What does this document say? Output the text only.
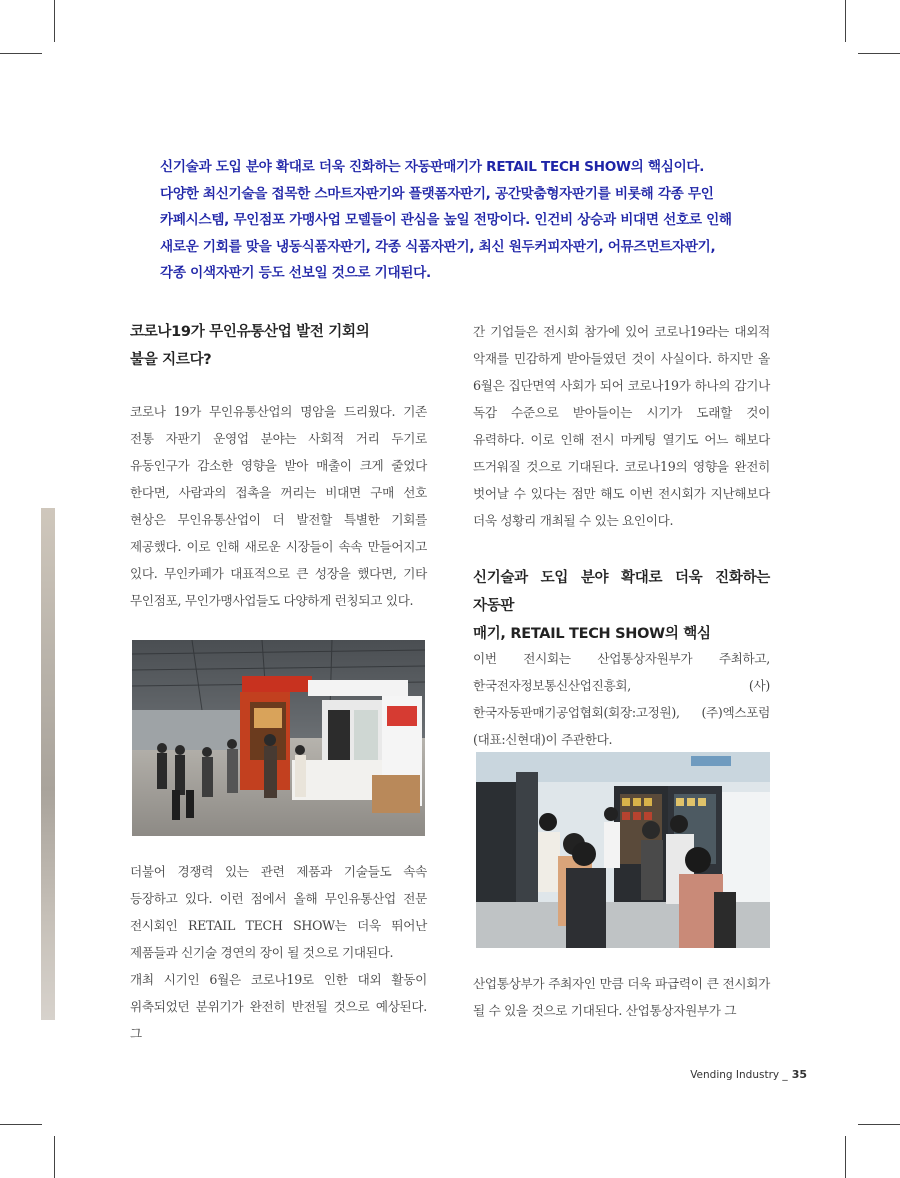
신기술과 도입 분야 확대로 더욱 진화하는 자동판매기가 RETAIL TECH SHOW의 핵심이다.

다양한 최신기술을 접목한 스마트자판기와 플랫폼자판기, 공간맞춤형자판기를 비롯해 각종 무인 카페시스템, 무인점포 가맹사업 모델들이 관심을 높일 전망이다. 인건비 상승과 비대면 선호로 인해 새로운 기회를 맞을 냉동식품자판기, 각종 식품자판기, 최신 원두커피자판기, 어뮤즈먼트자판기, 각종 이색자판기 등도 선보일 것으로 기대된다.

코로나19가 무인유통산업 발전 기회의

불을 지르다?

코로나 19가 무인유통산업의 명암을 드리웠다. 기존 전통 자판기 운영업 분야는 사회적 거리 두기로 유동인구가 감소한 영향을 받아 매출이 크게 줄었다 한다면, 사람과의 접촉을 꺼리는 비대면 구매 선호 현상은 무인유통산업이 더 발전할 특별한 기회를 제공했다. 이로 인해 새로운 시장들이 속속 만들어지고 있다. 무인카페가 대표적으로 큰 성장을 했다면, 기타 무인점포, 무인가맹사업들도 다양하게 런칭되고 있다.

더불어 경쟁력 있는 관련 제품과 기술들도 속속 등장하고 있다. 이런 점에서 올해 무인유통산업 전문 전시회인 RETAIL TECH SHOW는 더욱 뛰어난 제품들과 신기술 경연의 장이 될 것으로 기대된다.

개최 시기인 6월은 코로나19로 인한 대외 활동이 위축되었던 분위기가 완전히 반전될 것으로 예상된다. 그

간 기업들은 전시회 참가에 있어 코로나19라는 대외적 악재를 민감하게 받아들였던 것이 사실이다. 하지만 올 6월은 집단면역 사회가 되어 코로나19가 하나의 감기나 독감 수준으로 받아들이는 시기가 도래할 것이 유력하다. 이로 인해 전시 마케팅 열기도 어느 해보다 뜨거워질 것으로 기대된다. 코로나19의 영향을 완전히 벗어날 수 있다는 점만 해도 이번 전시회가 지난해보다 더욱 성황리 개최될 수 있는 요인이다.

신기술과 도입 분야 확대로 더욱 진화하는 자동판

매기, RETAIL TECH SHOW의 핵심

이번 전시회는 산업통상자원부가 주최하고, 한국전자정보통신산업진흥회, (사)한국자동판매기공업협회(회장:고정원), (주)엑스포럼(대표:신현대)이 주관한다.

산업통상부가 주최자인 만큼 더욱 파급력이 큰 전시회가 될 수 있을 것으로 기대된다. 산업통상자원부가 그

Vending Industry _ 35
